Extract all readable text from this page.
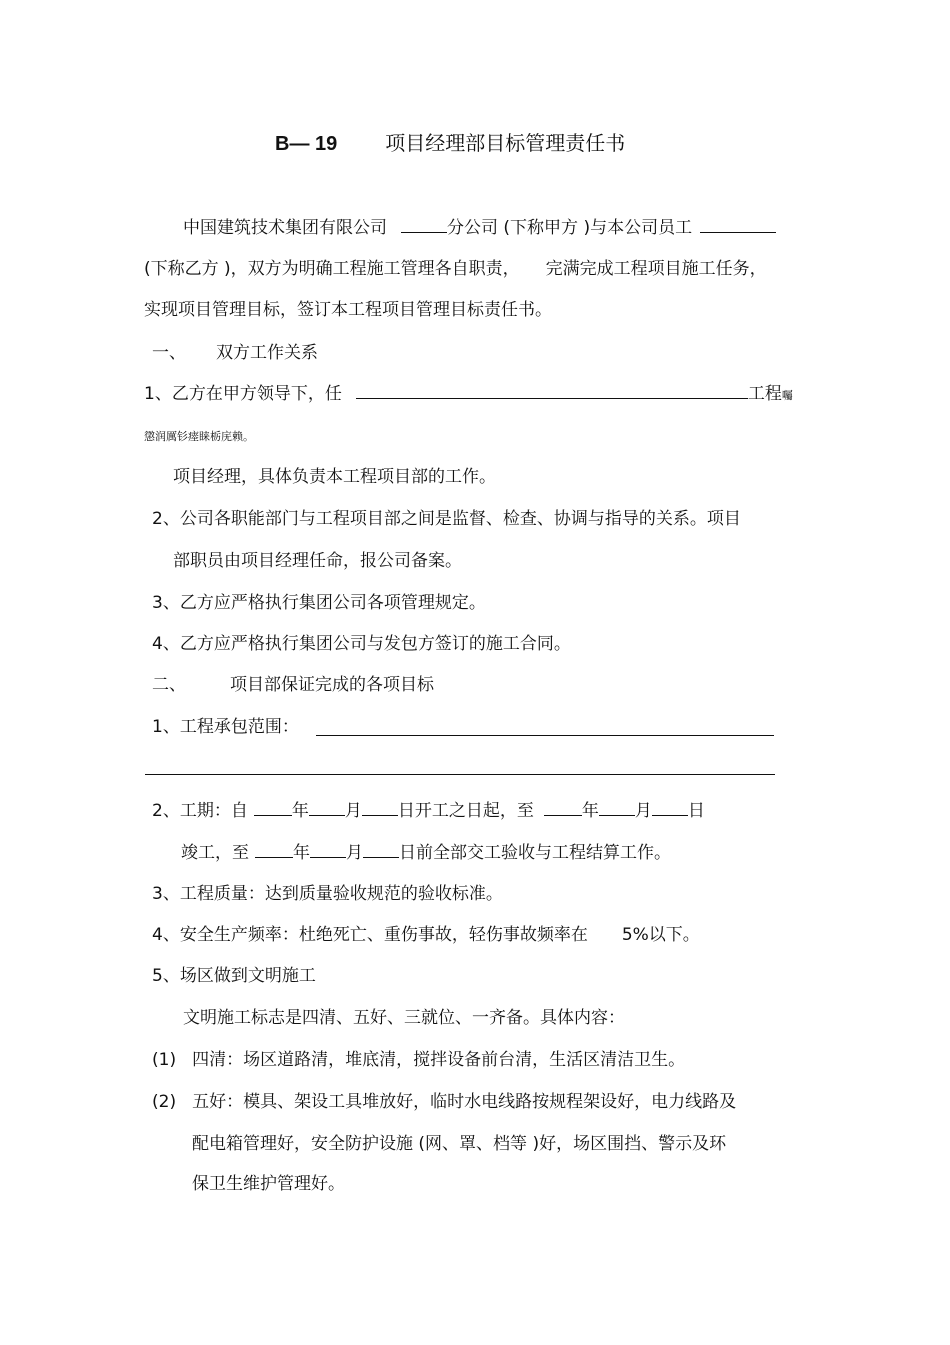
B— 19 项目经理部目标管理责任书
中国建筑技术集团有限公司	分公司 (下称甲方 )与本公司员工
(下称乙方 )，双方为明确工程施工管理各自职责， 完满完成工程项目施工任务，
实现项目管理目标，签订本工程项目管理目标责任书。
一、 双方工作关系
1、乙方在甲方领导下，任	工程囑
懲润厲钐瘗睐栃庑赖。
项目经理，具体负责本工程项目部的工作。
2、公司各职能部门与工程项目部之间是监督、检查、协调与指导的关系。项目
部职员由项目经理任命，报公司备案。
3、乙方应严格执行集团公司各项管理规定。
4、乙方应严格执行集团公司与发包方签订的施工合同。
二、	项目部保证完成的各项目标
1、工程承包范围：
2、工期：自	年 月 日开工之日起，至	年 月 日
竣工，至	年 月 日前全部交工验收与工程结算工作。
3、工程质量：达到质量验收规范的验收标准。
4、安全生产频率：杜绝死亡、重伤事故，轻伤事故频率在 5%以下。
5、场区做到文明施工
文明施工标志是四清、五好、三就位、一齐备。具体内容：
(1) 四清：场区道路清，堆底清，搅拌设备前台清，生活区清洁卫生。
(2) 五好：模具、架设工具堆放好，临时水电线路按规程架设好，电力线路及
配电箱管理好，安全防护设施 (网、罩、档等 )好，场区围挡、警示及环
保卫生维护管理好。
